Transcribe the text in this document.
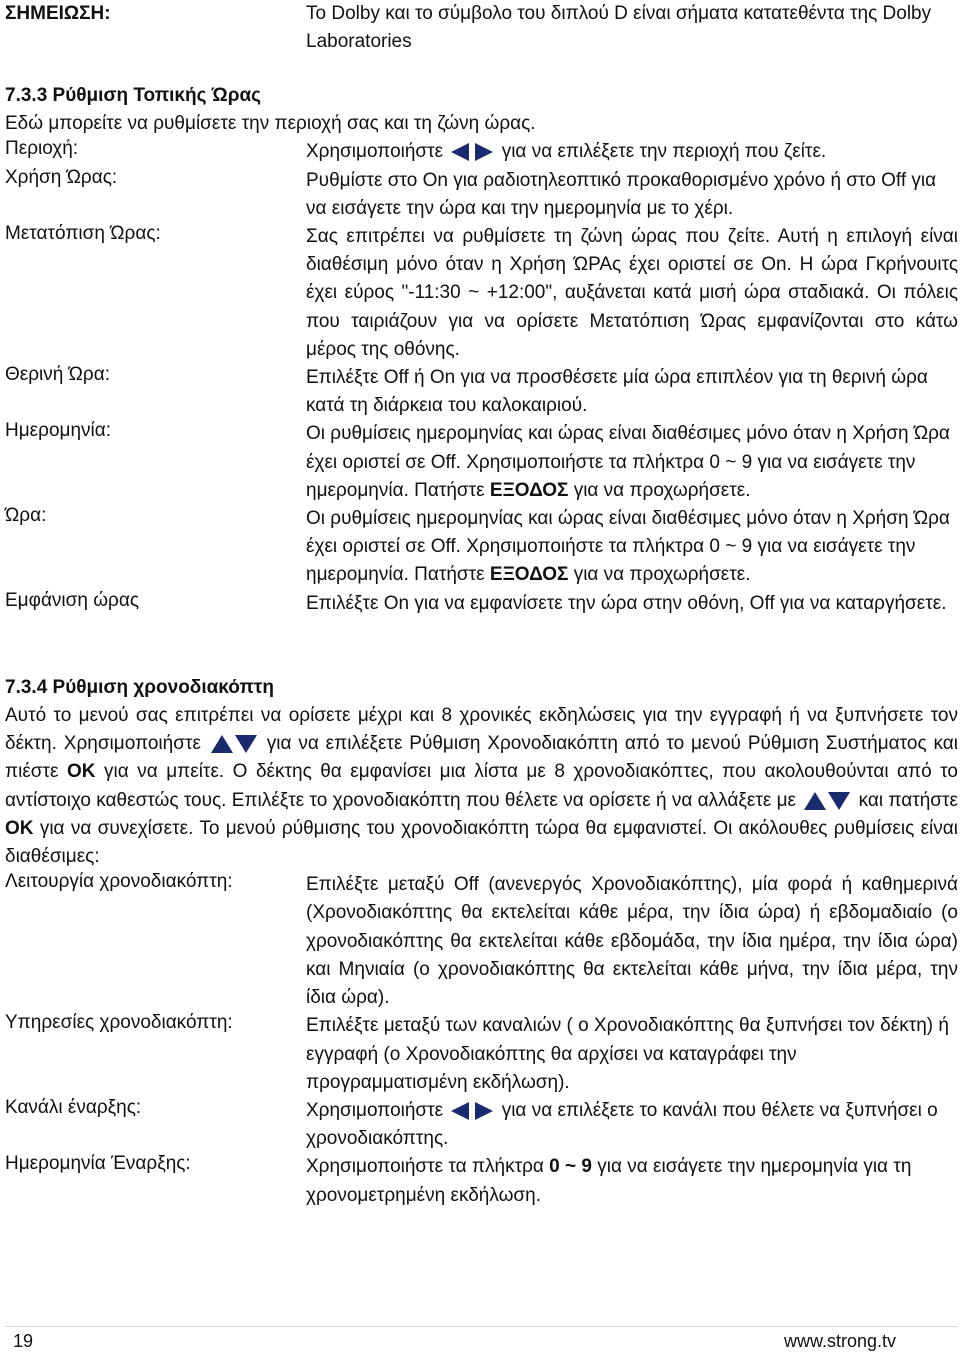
ΣΗΜΕΙΩΣΗ:	Το Dolby και το σύμβολο του διπλού D είναι σήματα κατατεθέντα της Dolby Laboratories
7.3.3 Ρύθμιση Τοπικής Ώρας
Εδώ μπορείτε να ρυθμίσετε την περιοχή σας και τη ζώνη ώρας.
Περιοχή:	Χρησιμοποιήστε	για να επιλέξετε την περιοχή που ζείτε.
Χρήση Ώρας:	Ρυθμίστε στο On για ραδιοτηλεοπτικό προκαθορισμένο χρόνο ή στο Off για να εισάγετε την ώρα και την ημερομηνία με το χέρι.
Μετατόπιση Ώρας:	Σας επιτρέπει να ρυθμίσετε τη ζώνη ώρας που ζείτε. Αυτή η επιλογή είναι διαθέσιμη μόνο όταν η Χρήση ΏΡΑς έχει οριστεί σε On. Η ώρα Γκρήνουιτς έχει εύρος "-11:30 ~ +12:00", αυξάνεται κατά μισή ώρα σταδιακά. Οι πόλεις που ταιριάζουν για να ορίσετε Μετατόπιση Ώρας εμφανίζονται στο κάτω μέρος της οθόνης.
Θερινή Ώρα:	Επιλέξτε Off ή On για να προσθέσετε μία ώρα επιπλέον για τη θερινή ώρα κατά τη διάρκεια του καλοκαιριού.
Ημερομηνία:	Οι ρυθμίσεις ημερομηνίας και ώρας είναι διαθέσιμες μόνο όταν η Χρήση Ώρα έχει οριστεί σε Off. Χρησιμοποιήστε τα πλήκτρα 0 ~ 9 για να εισάγετε την ημερομηνία. Πατήστε ΕΞΟΔΟΣ για να προχωρήσετε.
Ώρα:	Οι ρυθμίσεις ημερομηνίας και ώρας είναι διαθέσιμες μόνο όταν η Χρήση Ώρα έχει οριστεί σε Off. Χρησιμοποιήστε τα πλήκτρα 0 ~ 9 για να εισάγετε την ημερομηνία. Πατήστε ΕΞΟΔΟΣ για να προχωρήσετε.
Εμφάνιση ώρας	Επιλέξτε On για να εμφανίσετε την ώρα στην οθόνη, Off για να καταργήσετε.
7.3.4 Ρύθμιση χρονοδιακόπτη
Αυτό το μενού σας επιτρέπει να ορίσετε μέχρι και 8 χρονικές εκδηλώσεις για την εγγραφή ή να ξυπνήσετε τον δέκτη. Χρησιμοποιήστε	για να επιλέξετε Ρύθμιση Χρονοδιακόπτη από το μενού Ρύθμιση Συστήματος και πιέστε OK για να μπείτε. Ο δέκτης θα εμφανίσει μια λίστα με 8 χρονοδιακόπτες, που ακολουθούνται από το αντίστοιχο καθεστώς τους. Επιλέξτε το χρονοδιακόπτη που θέλετε να ορίσετε ή να αλλάξετε με	και πατήστε OK για να συνεχίσετε. Το μενού ρύθμισης του χρονοδιακόπτη τώρα θα εμφανιστεί. Οι ακόλουθες ρυθμίσεις είναι διαθέσιμες:
Λειτουργία χρονοδιακόπτη:	Επιλέξτε μεταξύ Off (ανενεργός Χρονοδιακόπτης), μία φορά ή καθημερινά (Χρονοδιακόπτης θα εκτελείται κάθε μέρα, την ίδια ώρα) ή εβδομαδιαίο (ο χρονοδιακόπτης θα εκτελείται κάθε εβδομάδα, την ίδια ημέρα, την ίδια ώρα) και Μηνιαία (ο χρονοδιακόπτης θα εκτελείται κάθε μήνα, την ίδια μέρα, την ίδια ώρα).
Υπηρεσίες χρονοδιακόπτη:	Επιλέξτε μεταξύ των καναλιών ( ο Χρονοδιακόπτης θα ξυπνήσει τον δέκτη) ή εγγραφή (ο Χρονοδιακόπτης θα αρχίσει να καταγράφει την προγραμματισμένη εκδήλωση).
Κανάλι έναρξης:	Χρησιμοποιήστε	για να επιλέξετε το κανάλι που θέλετε να ξυπνήσει ο χρονοδιακόπτης.
Ημερομηνία Έναρξης:	Χρησιμοποιήστε τα πλήκτρα 0 ~ 9 για να εισάγετε την ημερομηνία για τη χρονομετρημένη εκδήλωση.
19	www.strong.tv
